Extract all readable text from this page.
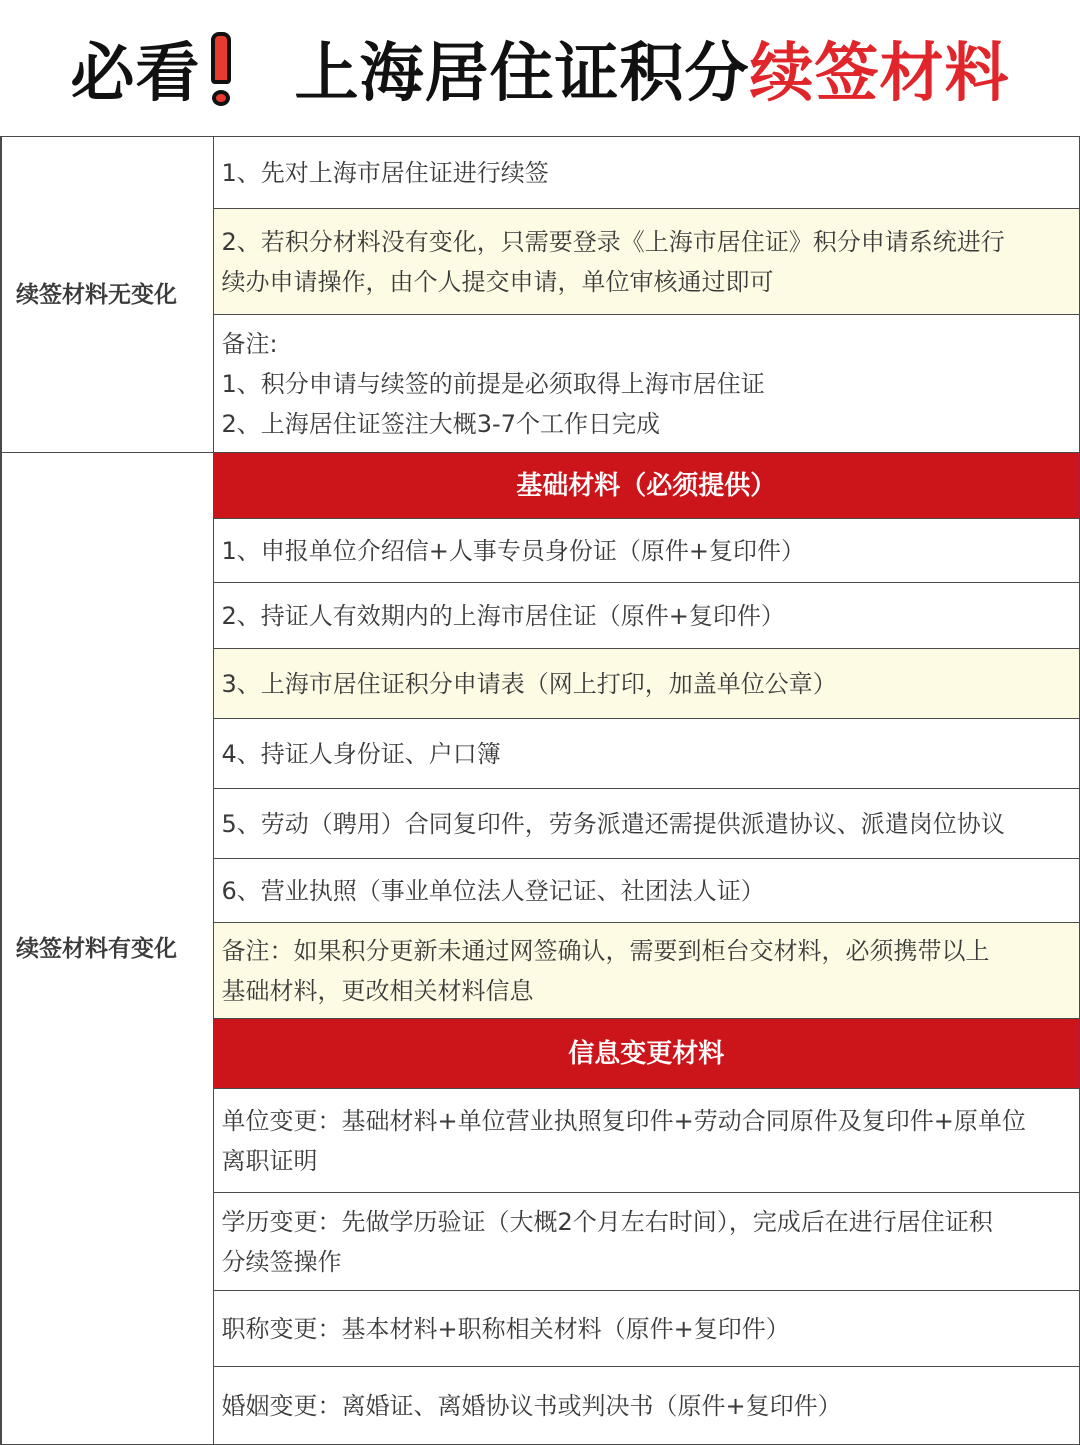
必看 上海居住证积分 续签材料
续签材料无变化	1、先对上海市居住证进行续签

	2、若积分材料没有变化，只需要登录《上海市居住证》积分申请系统进行
续办申请操作，由个人提交申请，单位审核通过即可

	备注:
1、积分申请与续签的前提是必须取得上海市居住证
2、上海居住证签注大概3-7个工作日完成

续签材料有变化	基础材料（必须提供）
	1、申报单位介绍信+人事专员身份证（原件+复印件）
	2、持证人有效期内的上海市居住证（原件+复印件）
	3、上海市居住证积分申请表（网上打印，加盖单位公章）
	4、持证人身份证、户口簿
	5、劳动（聘用）合同复印件，劳务派遣还需提供派遣协议、派遣岗位协议
	6、营业执照（事业单位法人登记证、社团法人证）

	备注：如果积分更新未通过网签确认，需要到柜台交材料，必须携带以上
基础材料，更改相关材料信息

	信息变更材料

	单位变更：基础材料+单位营业执照复印件+劳动合同原件及复印件+原单位
离职证明

	学历变更：先做学历验证（大概2个月左右时间），完成后在进行居住证积
分续签操作

	职称变更：基本材料+职称相关材料（原件+复印件）
	婚姻变更：离婚证、离婚协议书或判决书（原件+复印件）
